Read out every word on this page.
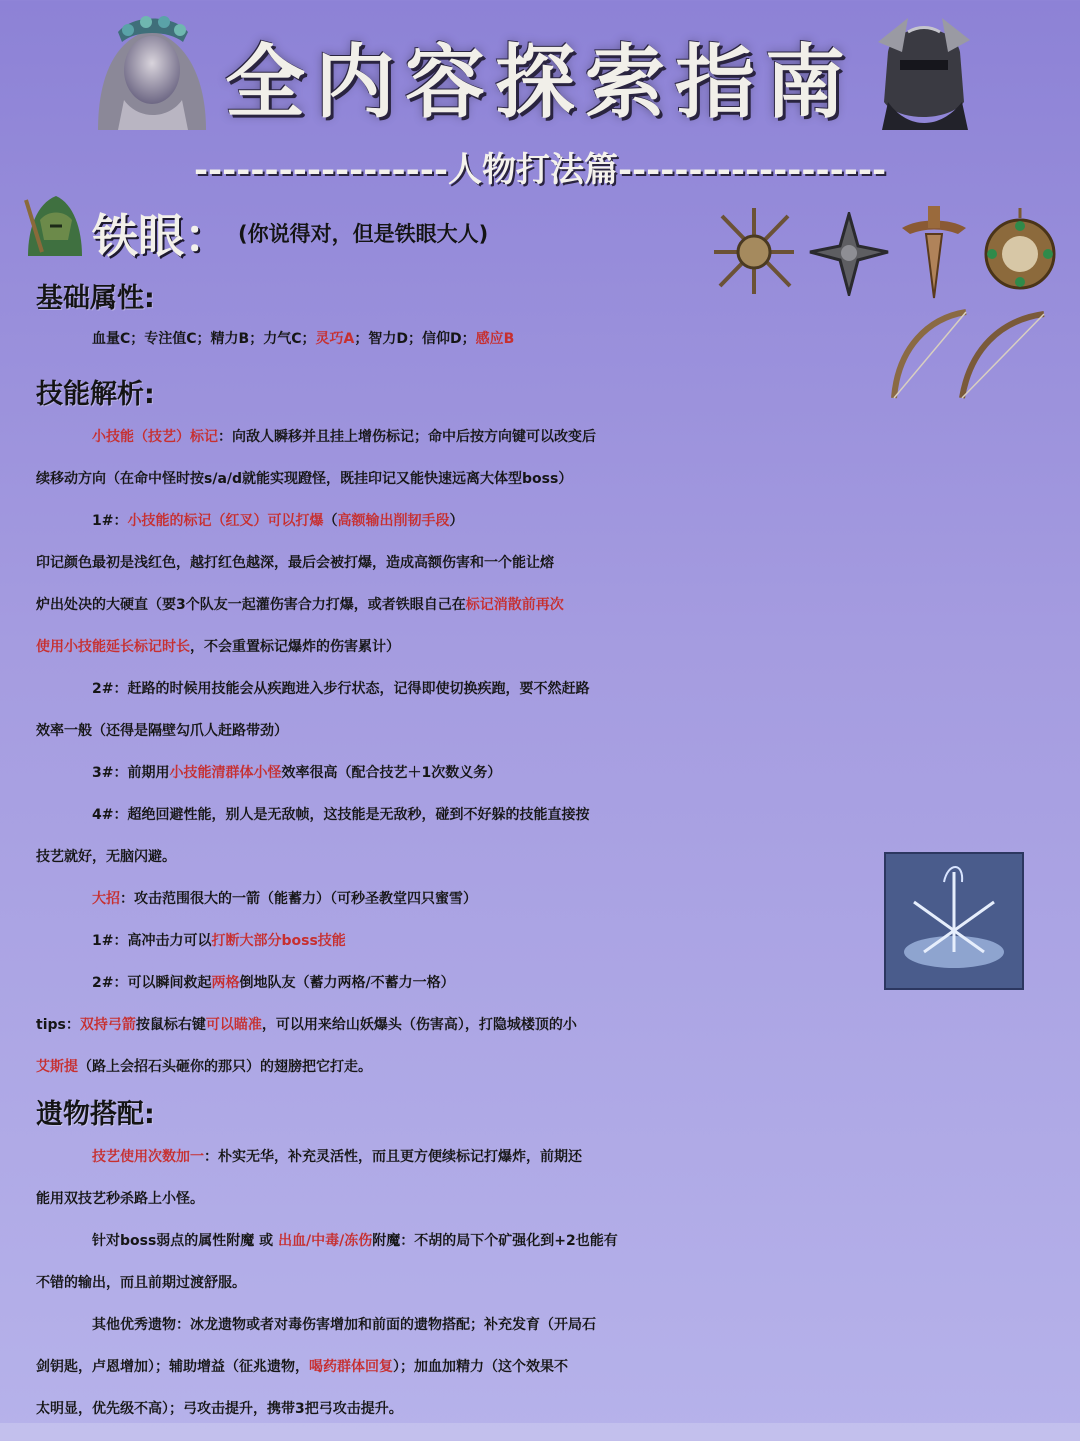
全内容探索指南
------------------人物打法篇-------------------
铁眼： (你说得对，但是铁眼大人)
基础属性:
血量C；专注值C；精力B；力气C；灵巧A；智力D；信仰D；感应B
技能解析:
小技能（技艺）标记：向敌人瞬移并且挂上增伤标记；命中后按方向键可以改变后
续移动方向（在命中怪时按s/a/d就能实现蹬怪，既挂印记又能快速远离大体型boss）
1#：小技能的标记（红叉）可以打爆（高额输出削韧手段）
印记颜色最初是浅红色，越打红色越深，最后会被打爆，造成高额伤害和一个能让熔
炉出处决的大硬直（要3个队友一起灌伤害合力打爆，或者铁眼自己在标记消散前再次
使用小技能延长标记时长，不会重置标记爆炸的伤害累计）
2#：赶路的时候用技能会从疾跑进入步行状态，记得即使切换疾跑，要不然赶路
效率一般（还得是隔壁勾爪人赶路带劲）
3#：前期用小技能清群体小怪效率很高（配合技艺＋1次数义务）
4#：超绝回避性能，别人是无敌帧，这技能是无敌秒，碰到不好躲的技能直接按
技艺就好，无脑闪避。
大招：攻击范围很大的一箭（能蓄力）（可秒圣教堂四只蜜雪）
1#：高冲击力可以打断大部分boss技能
2#：可以瞬间救起两格倒地队友（蓄力两格/不蓄力一格）
tips：双持弓箭按鼠标右键可以瞄准，可以用来给山妖爆头（伤害高），打隐城楼顶的小
艾斯提（路上会招石头砸你的那只）的翅膀把它打走。
遗物搭配:
技艺使用次数加一：朴实无华，补充灵活性，而且更方便续标记打爆炸，前期还
能用双技艺秒杀路上小怪。
针对boss弱点的属性附魔 或 出血/中毒/冻伤附魔：不胡的局下个矿强化到+2也能有
不错的输出，而且前期过渡舒服。
其他优秀遗物：冰龙遗物或者对毒伤害增加和前面的遗物搭配；补充发育（开局石
剑钥匙，卢恩增加）；辅助增益（征兆遗物，喝药群体回复）；加血加精力（这个效果不
太明显，优先级不高）；弓攻击提升，携带3把弓攻击提升。
